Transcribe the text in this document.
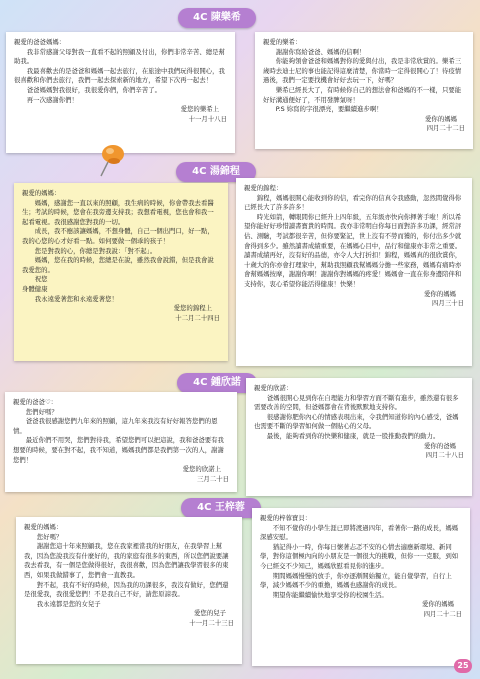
4C 陳樂希

親愛的爸爸媽媽：

我非常感謝父母對我一直看不起的照顧及付出，你們非常辛苦、總是幫助我。

我最喜歡去的是爸爸和媽媽一起去旅行，在旅途中我們玩得很開心，我很喜歡和你們去旅行，我們一起去探索新的地方，希望下次再一起去！

爸爸媽媽對我很好，我很愛你們，你們辛苦了。

再一次感謝你們！

愛您的樂希上

十一月十八日

親愛的樂希：

謝謝你寫給爸爸、媽媽的信啊！

你能夠領會爸爸和媽媽對你的愛與付出，我是非常欣賞的。樂希三歲時去迪士尼的事也能記得這麼清楚，你當時一定得很開心了！待疫情過後，我們一定要找機會好好去玩一下，好嗎？

樂希已經長大了，有時候你自己的想法會和爸媽的不一樣，只要能好好溝通便好了，不用發脾氣呀！

P.S 妳寫的字很漂亮，要繼續進步啊！

愛你的媽媽

四月二十二日

4C 湯錦程

親愛的媽媽：

媽媽，感謝您一直以來的照顧，我生病的時候，你會帶我去看醫生；考試的時候，您會在我旁邊支持我；我想看電視，您也會和我一起看電視。我很感謝您對我的一切。

成長，我不應該讓媽媽，不想身體，自己一個出門口，好一點，我的心您的心才好看一點。如何要做一個乖的孩子！

您是對我的心，你總是對我說：「對不起」。

媽媽，您在我的時候，您總是在說，雖然我會說錯，但是我會說我愛您的。

祝您

身體健康

我永遠愛著您和永遠愛著您！

愛您的錦程上

十二月二十四日

親愛的錦程：

錦程，媽媽很開心能收到你的信，看完你的信真令我感動，忽然間覺得你已經長大了許多許多！

時光如箭，轉眼間你已經升上四年級，五年級亦快向你揮著手啦！所以希望你能好好珍惜讀書寶貴的時間。我亦非常明白你每日面對許多功課，經常評估、測驗，考試都很辛苦，但你要緊記，世上沒有不勞而獲的，你付出多少就會得到多少。雖然讀書成績重要，在媽媽心目中，品行和健康亦非常之重要。讀書成績再好，沒有好的品德，亦令人大打折扣！錦程，媽媽真的很欣賞你，十歲大的你亦會打理家中，幫助我照顧我幫媽媽分擔一些家務，媽媽有痛時亦會幫媽媽按摩，謝謝你啊！謝謝你對媽媽的疼愛！媽媽會一直在你身邊陪伴和支持你，衷心希望你能活得健康！快樂！

愛你的媽媽

四月三十日

4C 鍾欣諾

親愛的爸爸♡：

您們好嗎？

爸爸我很感謝您們九年來的照顧，這九年來我沒有好好報答您們的恩情。

最近你們不用哭，您們對待我，希望您們可以把這說，我和爸爸要有我想要的時候，要在對不起，我不知道，媽媽我們都是我們第一次的人，謝謝您們！

愛您的欣諾上

三月二十日

親愛的欣諾：

爸媽很開心見到你在自理能力和學習方面不斷有進步，雖然還有很多需要改善的空間，但爸媽都會在背後默默地支持你。

很感謝你肥你內心的情感表現出來，令我們知道你的內心感受，爸媽也需要不斷的學習如何做一個貼心的父母。

最後，能夠看到你的快樂和健康，就是一股推動我們的動力。

愛你的爸媽

四月二十八日

4C 王梓蓉

親愛的媽媽：

您好嗎？

謝謝您這十年來照顧我，您在我家裡當我的好朋友，在我學習上幫我，因為您說我沒有什麼好的，我的家庭有很多的東西，所以您們說要讓我去看我，有一個是您做得很好，我很喜歡，因為您們讓我學習很多的東西，如果我做錯事了，您們會一直教我。

對不起，我有不好的時候，因為我的功課很多，我沒有做好，您們還是很愛我，我很愛您們！不是我自己不好，請您原諒我。

我永遠都是您的女兒子

愛您的兒子

十一月二十三日

親愛的梓蓉寶貝：

不知不覺你的小學生涯已即將渡過四年，看著你一路的成長，媽媽深感安慰。

猶記得小一時，你每日懷著忐忑不安的心情去適應新環境、新同學，對你這個極內向的小朋友是一個很大的挑戰，但你一一克服，到如今已經交不少知己，媽媽欣慰看見你的進步。

期間媽媽慢慢的放手，你亦逐漸開始獨立，能自覺學習，自行上學，減少媽媽不少的重擔，媽媽也感謝你的成長。

期望你能繼續愉快地享受你的校園生活。

愛你的媽媽

四月二十二日

25
